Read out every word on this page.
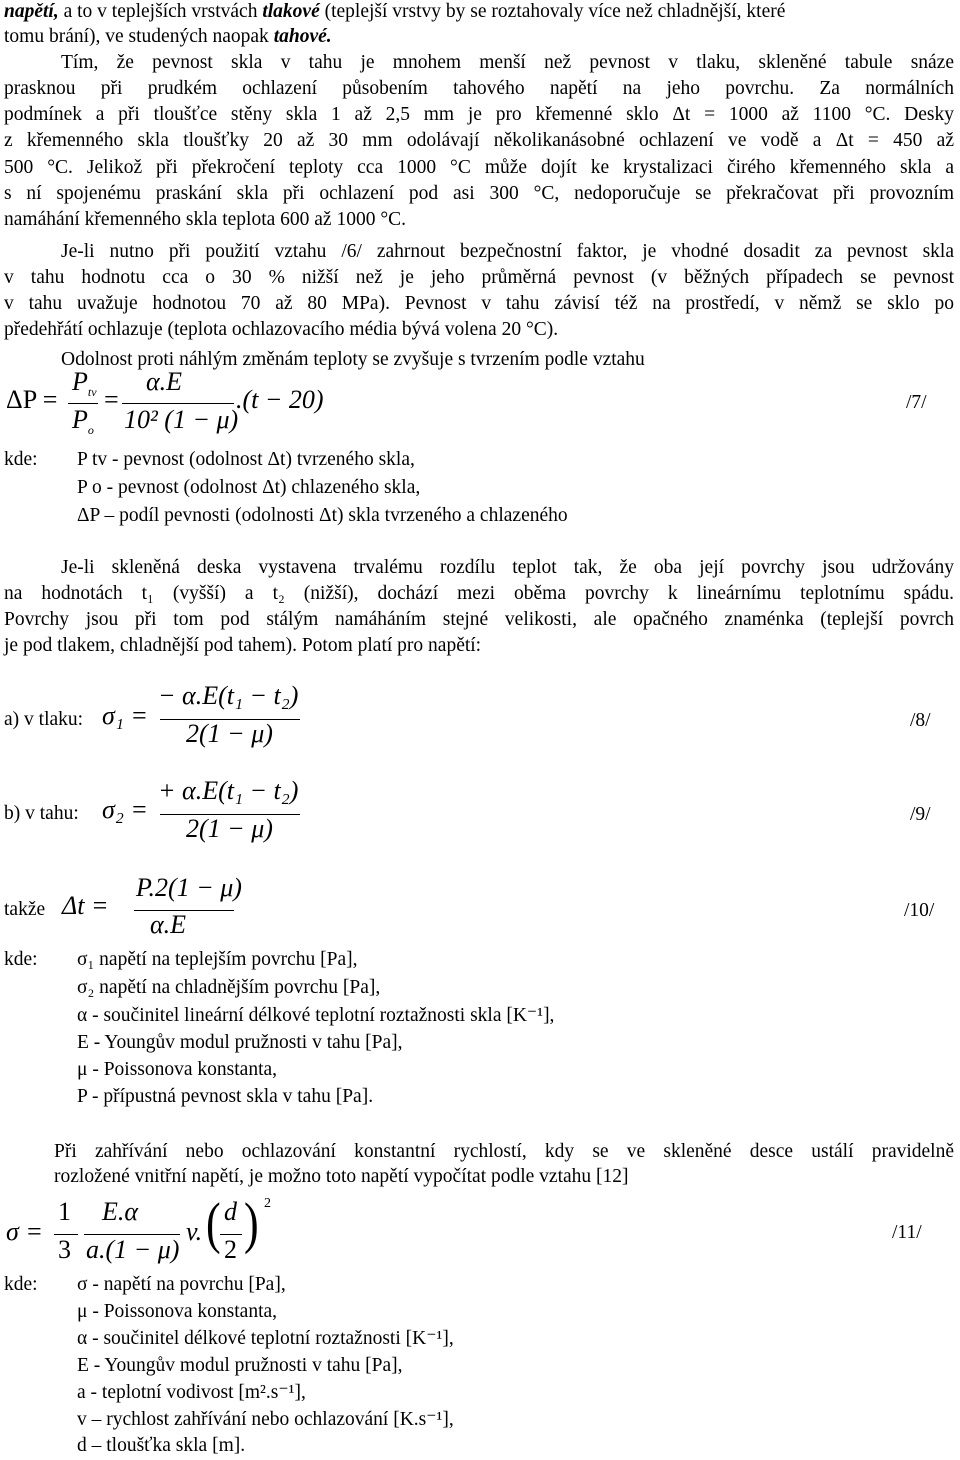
napětí, a to v teplejších vrstvách tlakové (teplejší vrstvy by se roztahovaly více než chladnější, které
tomu brání), ve studených naopak tahové.
Tím, že pevnost skla v tahu je mnohem menší než pevnost v tlaku, skleněné tabule snáze
prasknou při prudkém ochlazení působením tahového napětí na jeho povrchu. Za normálních
podmínek a při tloušťce stěny skla 1 až 2,5 mm je pro křemenné sklo Δt = 1000 až 1100 °C. Desky
z křemenného skla tloušťky 20 až 30 mm odolávají několikanásobné ochlazení ve vodě a Δt = 450 až
500 °C. Jelikož při překročení teploty cca 1000 °C může dojít ke krystalizaci čirého křemenného skla a
s ní spojenému praskání skla při ochlazení pod asi 300 °C, nedoporučuje se překračovat při provozním
namáhání křemenného skla teplota 600 až 1000 °C.
Je-li nutno při použití vztahu /6/ zahrnout bezpečnostní faktor, je vhodné dosadit za pevnost skla
v tahu hodnotu cca o 30 % nižší než je jeho průměrná pevnost (v běžných případech se pevnost
v tahu uvažuje hodnotou 70 až 80 MPa). Pevnost v tahu závisí též na prostředí, v němž se sklo po
předehřátí ochlazuje (teplota ochlazovacího média bývá volena 20 °C).
Odolnost proti náhlým změnám teploty se zvyšuje s tvrzením podle vztahu
ΔP =
$P_{tv}$
$P_o$
=
α.E
10² (1 − μ)
.(t − 20)	/7/
kde: P tv - pevnost (odolnost Δt) tvrzeného skla,
P o - pevnost (odolnost Δt) chlazeného skla,
ΔP – podíl pevnosti (odolnosti Δt) skla tvrzeného a chlazeného
Je-li skleněná deska vystavena trvalému rozdílu teplot tak, že oba její povrchy jsou udržovány
na hodnotách t₁ (vyšší) a t₂ (nižší), dochází mezi oběma povrchy k lineárnímu teplotnímu spádu.
Povrchy jsou při tom pod stálým namáháním stejné velikosti, ale opačného znaménka (teplejší povrch
je pod tlakem, chladnější pod tahem). Potom platí pro napětí:
a) v tlaku: σ₁ =
− α.E(t₁ − t₂)
2(1 − μ)	/8/
b) v tahu: σ₂ =
+ α.E(t₁ − t₂)
2(1 − μ)	/9/
takže Δt =
P.2(1 − μ)
α.E	/10/
kde: σ₁ napětí na teplejším povrchu [Pa],
σ₂ napětí na chladnějším povrchu [Pa],
α - součinitel lineární délkové teplotní roztažnosti skla [K⁻¹],
E - Youngův modul pružnosti v tahu [Pa],
μ - Poissonova konstanta,
P - přípustná pevnost skla v tahu [Pa].
Při zahřívání nebo ochlazování konstantní rychlostí, kdy se ve skleněné desce ustálí pravidelně
rozložené vnitřní napětí, je možno toto napětí vypočítat podle vztahu [12]
σ =
1
3
E.α
a.(1 − μ)
v. ( d
2 ) 2
/11/
kde: σ - napětí na povrchu [Pa],
μ - Poissonova konstanta,
α - součinitel délkové teplotní roztažnosti [K⁻¹],
E - Youngův modul pružnosti v tahu [Pa],
a - teplotní vodivost [m².s⁻¹],
v – rychlost zahřívání nebo ochlazování [K.s⁻¹],
d – tloušťka skla [m].
